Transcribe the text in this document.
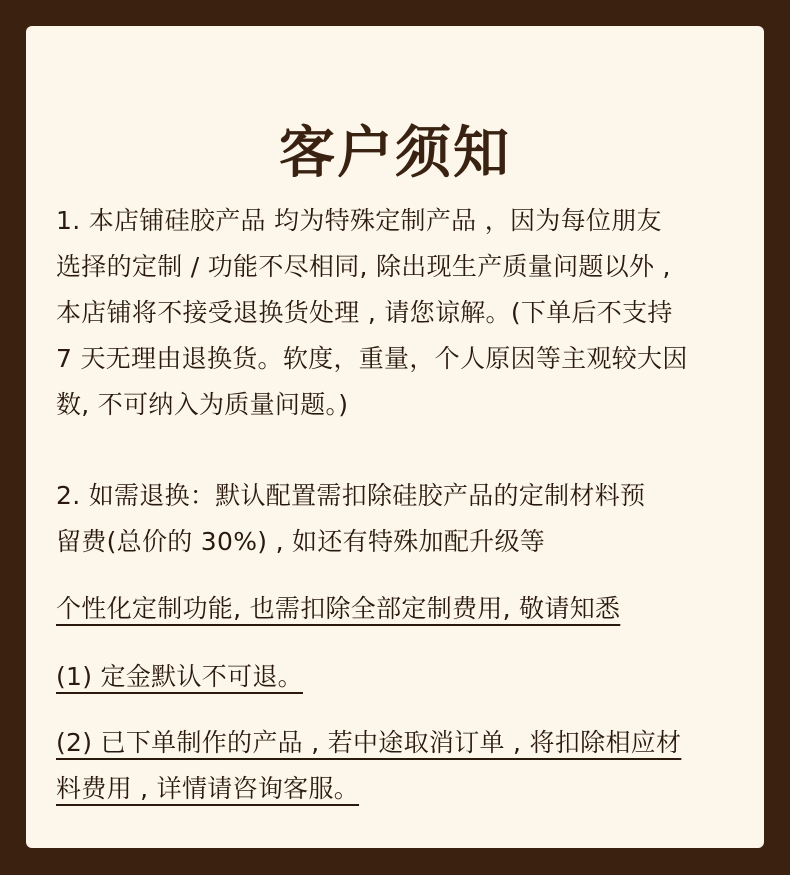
客户须知

1. 本店铺硅胶产品 均为特殊定制产品 ，因为每位朋友

选择的定制 / 功能不尽相同, 除出现生产质量问题以外 ,

本店铺将不接受退换货处理 , 请您谅解。(下单后不支持

7 天无理由退换货。软度，重量，个人原因等主观较大因

数, 不可纳入为质量问题。)

2. 如需退换：默认配置需扣除硅胶产品的定制材料预

留费(总价的 30%) , 如还有特殊加配升级等

个性化定制功能, 也需扣除全部定制费用, 敬请知悉

(1) 定金默认不可退。

(2) 已下单制作的产品 , 若中途取消订单 , 将扣除相应材

料费用 , 详情请咨询客服。
